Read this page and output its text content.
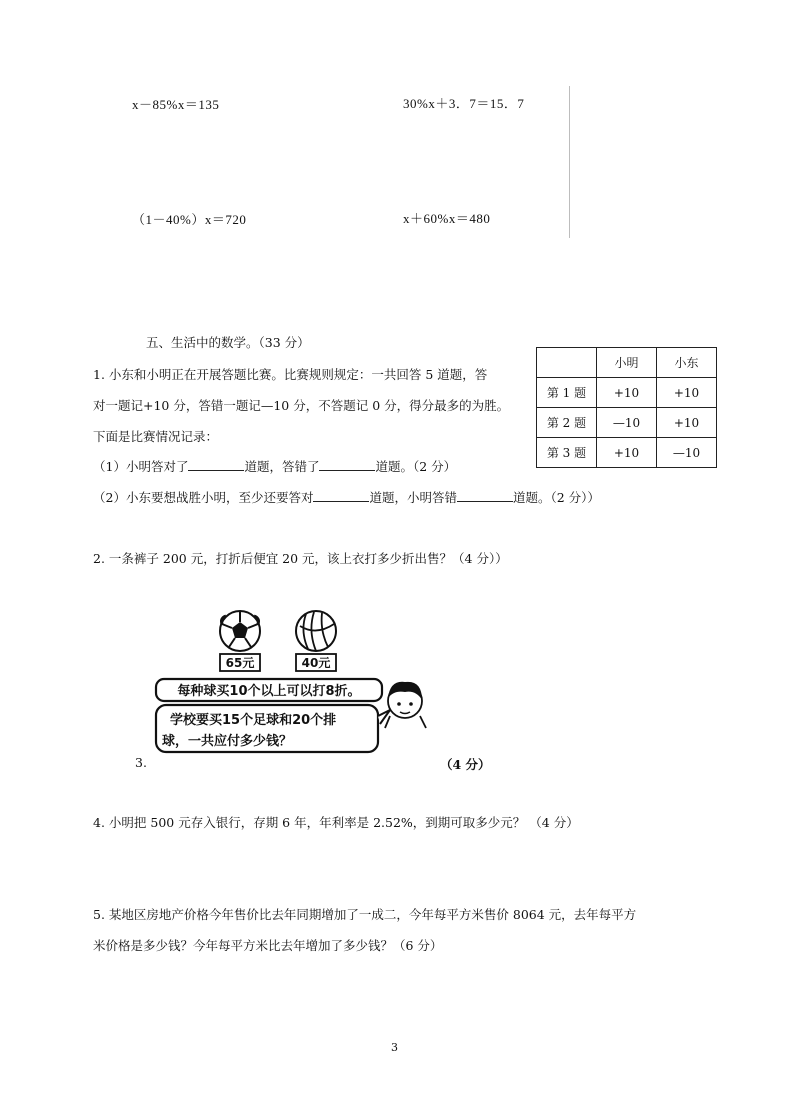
x－85%x＝135	30%x＋3．7＝15．7
（1－40%）x＝720	x＋60%x＝480
五、生活中的数学。（33 分）
	小明	小东
第 1 题	+10	+10
第 2 题	—10	+10
第 3 题	+10	—10
1. 小东和小明正在开展答题比赛。比赛规则规定：一共回答 5 道题，答
对一题记+10 分，答错一题记—10 分，不答题记 0 分，得分最多的为胜。
下面是比赛情况记录：
（1）小明答对了	道题，答错了	道题。（2 分）
（2）小东要想战胜小明，至少还要答对	道题，小明答错	道题。（2 分））
2. 一条裤子 200 元，打折后便宜 20 元，该上衣打多少折出售？（4 分））
65元	40元
每种球买10个以上可以打8折。
学校要买15个足球和20个排
球，一共应付多少钱？
3.	（4 分）
4. 小明把 500 元存入银行，存期 6 年，年利率是 2.52%，到期可取多少元？ （4 分）
5. 某地区房地产价格今年售价比去年同期增加了一成二，今年每平方米售价 8064 元，去年每平方
米价格是多少钱？今年每平方米比去年增加了多少钱？（6 分）
3
